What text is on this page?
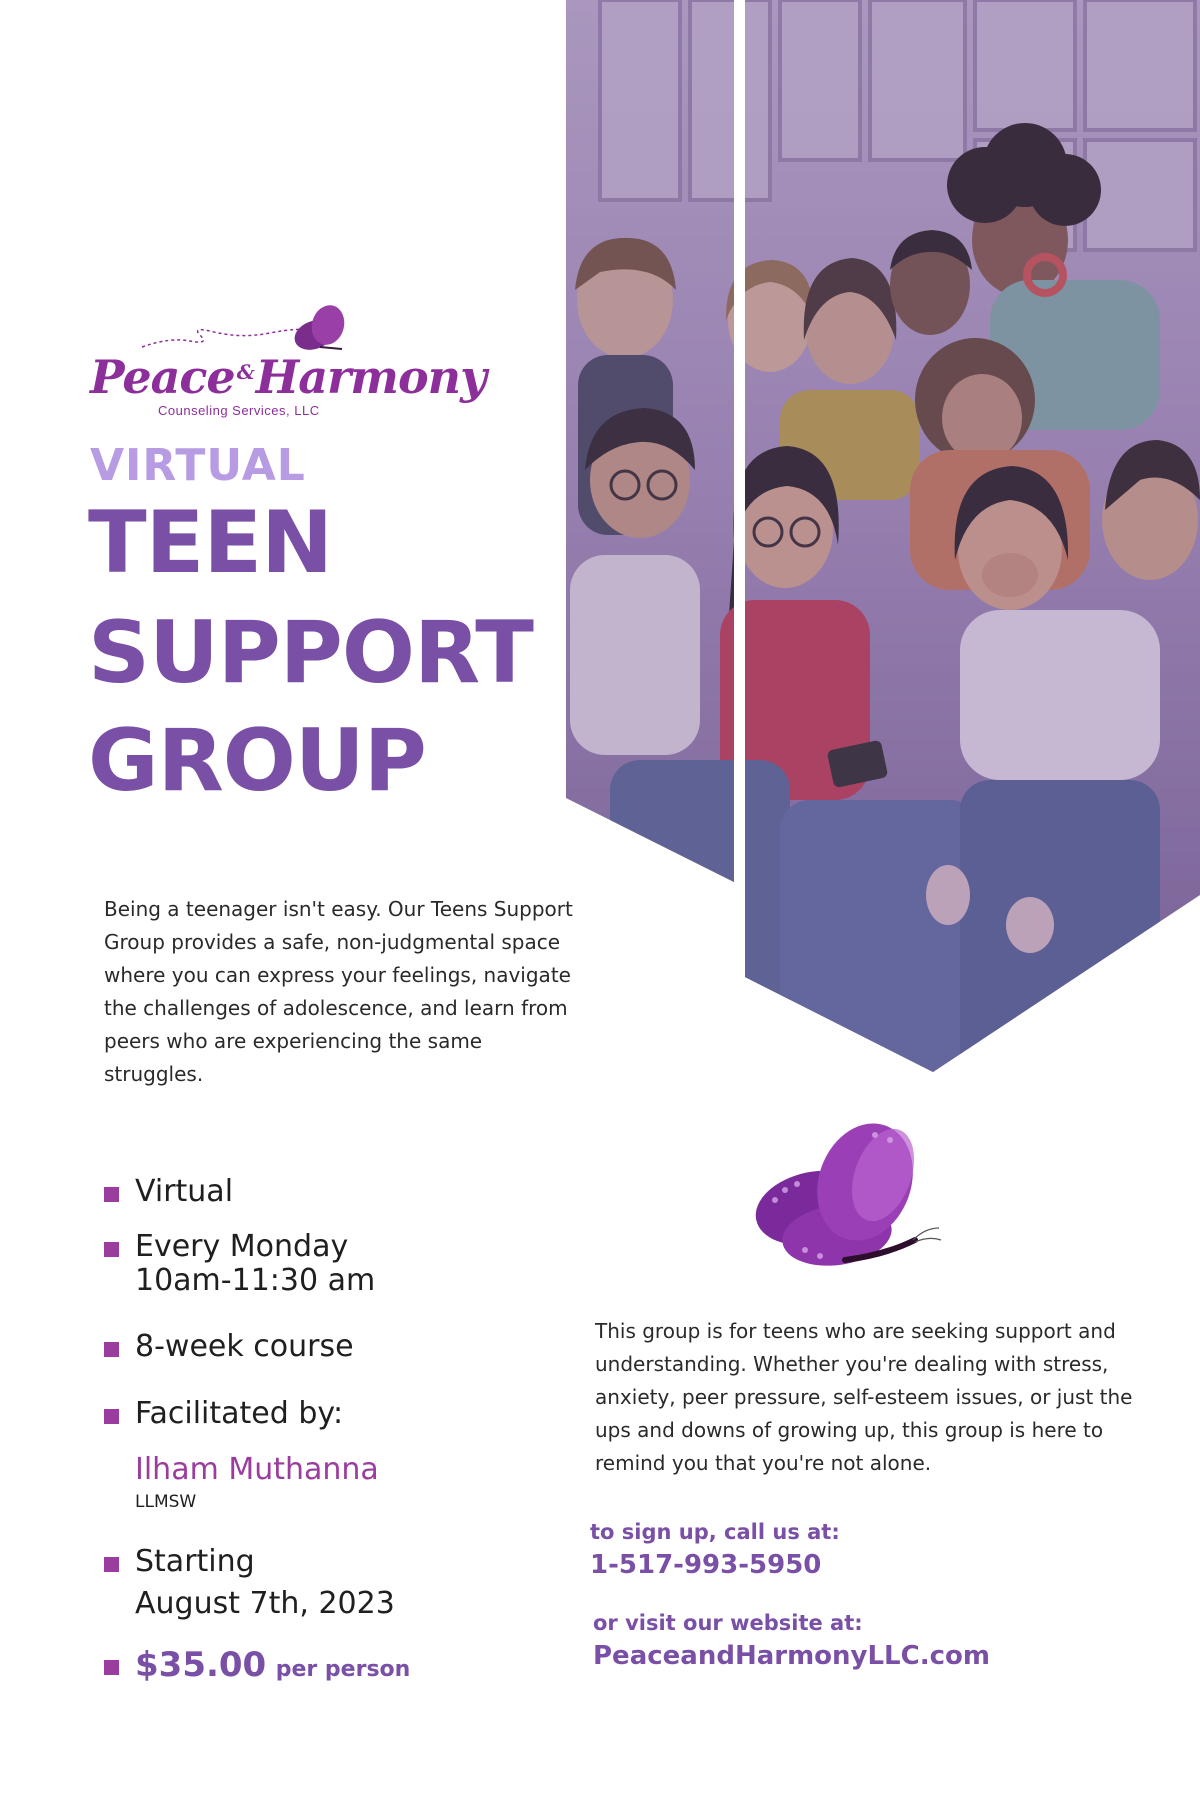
Peace &Harmony
Counseling Services, LLC
VIRTUAL
TEEN
SUPPORT
GROUP
Being a teenager isn't easy. Our Teens Support
Group provides a safe, non-judgmental space
where you can express your feelings, navigate
the challenges of adolescence, and learn from
peers who are experiencing the same
struggles.
Virtual
Every Monday
10am-11:30 am
8-week course
Facilitated by:
Ilham Muthanna
LLMSW
Starting
August 7th, 2023
$35.00 per person
This group is for teens who are seeking support and
understanding. Whether you're dealing with stress,
anxiety, peer pressure, self-esteem issues, or just the
ups and downs of growing up, this group is here to
remind you that you're not alone.
to sign up, call us at:
1-517-993-5950
or visit our website at:
PeaceandHarmonyLLC.com
